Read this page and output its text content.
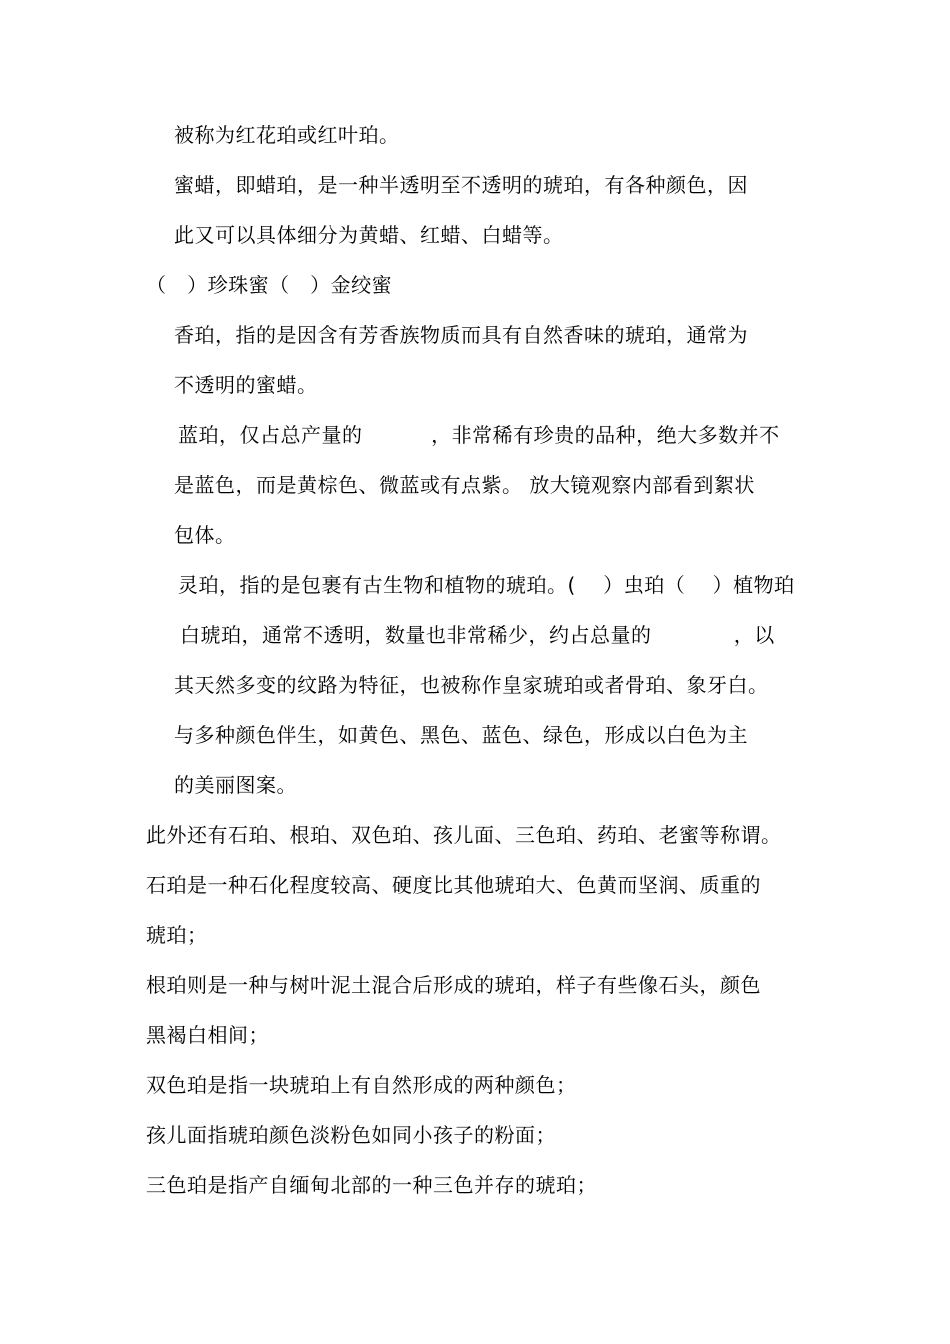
被称为红花珀或红叶珀。
蜜蜡，即蜡珀，是一种半透明至不透明的琥珀，有各种颜色，因
此又可以具体细分为黄蜡、红蜡、白蜡等。
（   ）珍珠蜜（   ）金绞蜜
香珀，指的是因含有芳香族物质而具有自然香味的琥珀，通常为
不透明的蜜蜡。
蓝珀，仅占总产量的          ，非常稀有珍贵的品种，绝大多数并不
是蓝色，而是黄棕色、微蓝或有点紫。 放大镜观察内部看到絮状
包体。
灵珀，指的是包裹有古生物和植物的琥珀。(    ）虫珀（    ）植物珀
白琥珀，通常不透明，数量也非常稀少，约占总量的            ，以
其天然多变的纹路为特征，也被称作皇家琥珀或者骨珀、象牙白。
与多种颜色伴生，如黄色、黑色、蓝色、绿色，形成以白色为主
的美丽图案。
此外还有石珀、根珀、双色珀、孩儿面、三色珀、药珀、老蜜等称谓。
石珀是一种石化程度较高、硬度比其他琥珀大、色黄而坚润、质重的
琥珀；
根珀则是一种与树叶泥土混合后形成的琥珀，样子有些像石头，颜色
黑褐白相间；
双色珀是指一块琥珀上有自然形成的两种颜色；
孩儿面指琥珀颜色淡粉色如同小孩子的粉面；
三色珀是指产自缅甸北部的一种三色并存的琥珀；
